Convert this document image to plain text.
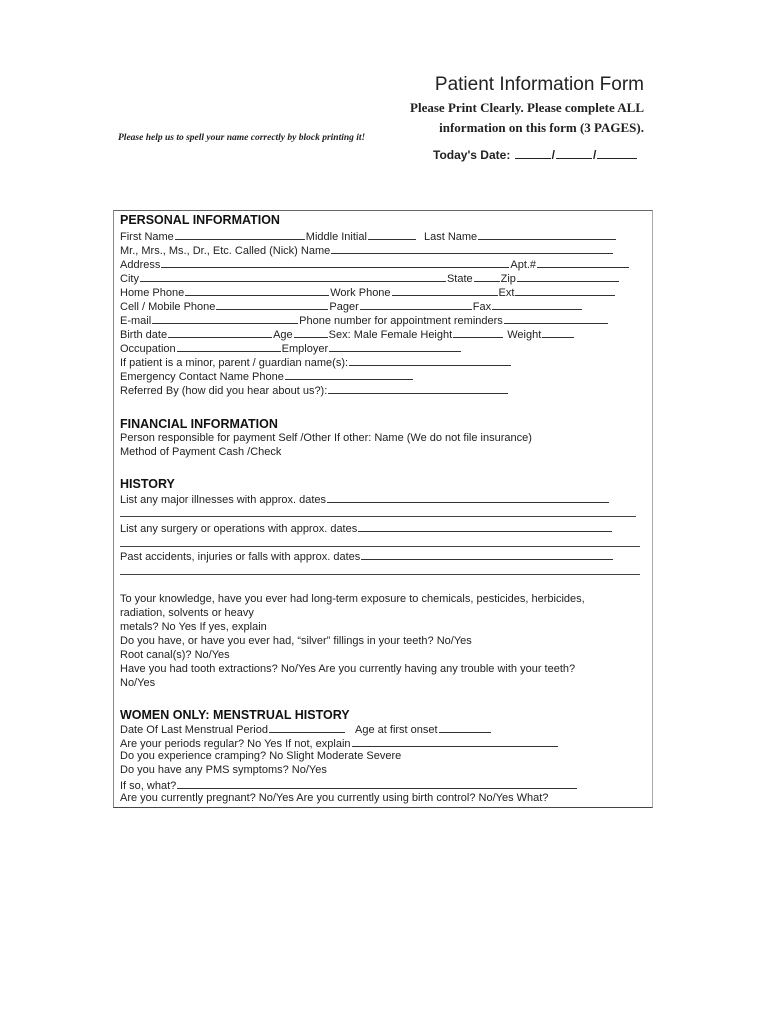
Patient Information Form
Please Print Clearly. Please complete ALL
information on this form (3 PAGES).
Please help us to spell your name correctly by block printing it!
Today's Date:	/	/
PERSONAL INFORMATION
First Name	Middle Initial	Last Name
Mr., Mrs., Ms., Dr., Etc. Called (Nick) Name
Address	Apt.#
City	State	Zip
Home Phone	Work Phone	Ext
Cell / Mobile Phone	Pager	Fax
E-mail	Phone number for appointment reminders
Birth date	Age	Sex: Male Female Height	Weight
Occupation	Employer
If patient is a minor, parent / guardian name(s):
Emergency Contact Name Phone
Referred By (how did you hear about us?):
FINANCIAL INFORMATION
Person responsible for payment Self /Other If other: Name (We do not file insurance)
Method of Payment Cash /Check
HISTORY
List any major illnesses with approx. dates
List any surgery or operations with approx. dates
Past accidents, injuries or falls with approx. dates
To your knowledge, have you ever had long-term exposure to chemicals, pesticides, herbicides,
radiation, solvents or heavy
metals? No Yes If yes, explain
Do you have, or have you ever had, “silver” fillings in your teeth? No/Yes
Root canal(s)? No/Yes
Have you had tooth extractions? No/Yes Are you currently having any trouble with your teeth?
No/Yes
WOMEN ONLY: MENSTRUAL HISTORY
Date Of Last Menstrual Period	Age at first onset
Are your periods regular? No Yes If not, explain
Do you experience cramping? No Slight Moderate Severe
Do you have any PMS symptoms? No/Yes
If so, what?
Are you currently pregnant? No/Yes Are you currently using birth control? No/Yes What?
